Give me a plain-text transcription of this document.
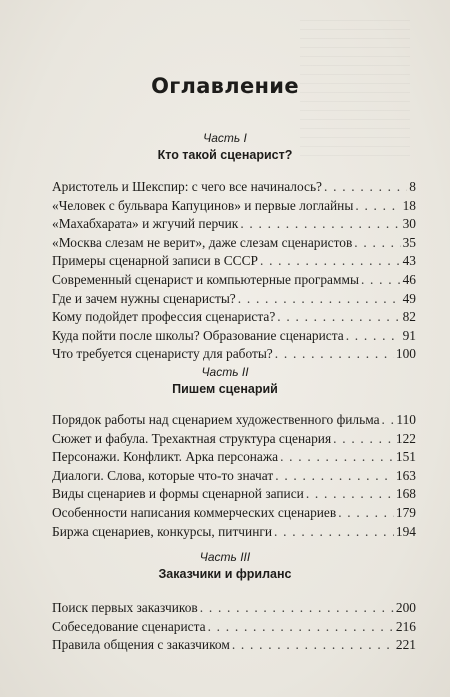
Оглавление
Часть I
Кто такой сценарист?
Аристотель и Шекспир: с чего все начиналось? . . .	8
«Человек с бульвара Капуцинов» и первые логлайны . . .	18
«Махабхарата» и жгучий перчик . . .	30
«Москва слезам не верит», даже слезам сценаристов . . .	35
Примеры сценарной записи в СССР . . .	43
Современный сценарист и компьютерные программы . . .	46
Где и зачем нужны сценаристы? . . .	49
Кому подойдет профессия сценариста? . . .	82
Куда пойти после школы? Образование сценариста . . .	91
Что требуется сценаристу для работы? . . .	100
Часть II
Пишем сценарий
Порядок работы над сценарием художественного фильма . . . 110
Сюжет и фабула. Трехактная структура сценария . . .	122
Персонажи. Конфликт. Арка персонажа . . .	151
Диалоги. Слова, которые что-то значат . . .	163
Виды сценариев и формы сценарной записи . . .	168
Особенности написания коммерческих сценариев . . .	179
Биржа сценариев, конкурсы, питчинги . . .	194
Часть III
Заказчики и фриланс
Поиск первых заказчиков . . .	200
Собеседование сценариста . . .	216
Правила общения с заказчиком . . .	221
